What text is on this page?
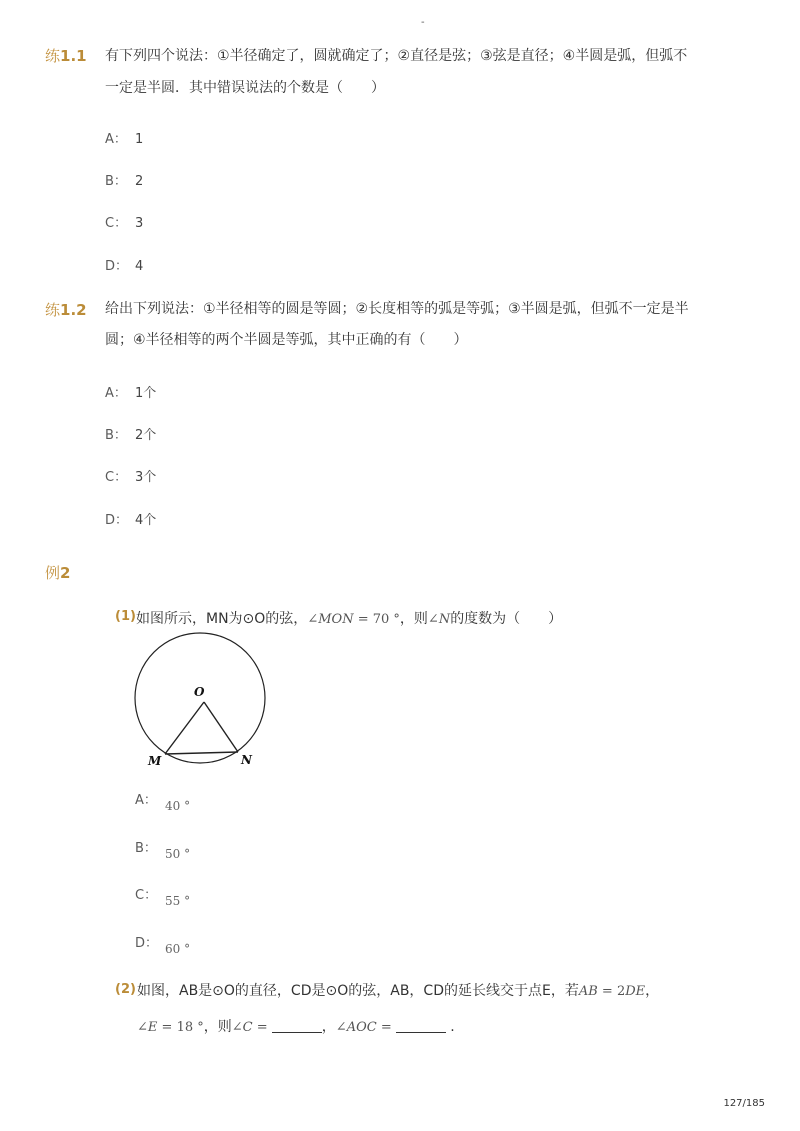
-
练1.1 有下列四个说法：①半径确定了，圆就确定了；②直径是弦；③弦是直径；④半圆是弧，但弧不
一定是半圆．其中错误说法的个数是（　　）
A： 1
B： 2
C： 3
D： 4
练1.2 给出下列说法：①半径相等的圆是等圆；②长度相等的弧是等弧；③半圆是弧，但弧不一定是半
圆；④半径相等的两个半圆是等弧，其中正确的有（　　）
A： 1个
B： 2个
C： 3个
D： 4个
例2
(1) 如图所示，MN为⊙O的弦，∠MON = 70 °，则∠N的度数为（　　）
O
M	N
A： 40 °
B： 50 °
C： 55 °
D： 60 °
(2) 如图，AB是⊙O的直径，CD是⊙O的弦，AB，CD的延长线交于点E，若AB = 2DE，
∠E = 18 °，则∠C =	，∠AOC =	.
127/185
